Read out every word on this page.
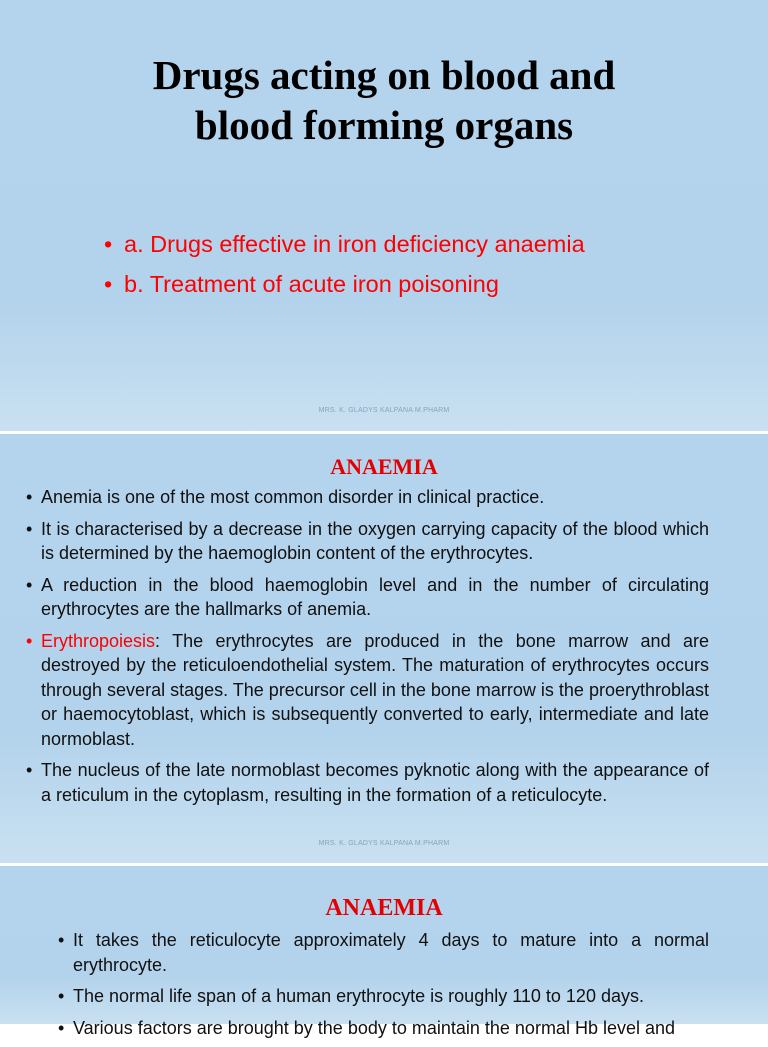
Drugs acting on blood and
blood forming organs
• a. Drugs effective in iron deficiency anaemia
• b. Treatment of acute iron poisoning
MRS. K. GLADYS KALPANA M.PHARM
ANAEMIA
• Anemia is one of the most common disorder in clinical practice.
• It is characterised by a decrease in the oxygen carrying capacity of the blood which is determined by the haemoglobin content of the erythrocytes.
• A reduction in the blood haemoglobin level and in the number of circulating erythrocytes are the hallmarks of anemia.
• Erythropoiesis: The erythrocytes are produced in the bone marrow and are destroyed by the reticuloendothelial system. The maturation of erythrocytes occurs through several stages. The precursor cell in the bone marrow is the proerythroblast or haemocytoblast, which is subsequently converted to early, intermediate and late normoblast.
• The nucleus of the late normoblast becomes pyknotic along with the appearance of a reticulum in the cytoplasm, resulting in the formation of a reticulocyte.
MRS. K. GLADYS KALPANA M.PHARM
ANAEMIA
• It takes the reticulocyte approximately 4 days to mature into a normal erythrocyte.
• The normal life span of a human erythrocyte is roughly 110 to 120 days.
• Various factors are brought by the body to maintain the normal Hb level and
